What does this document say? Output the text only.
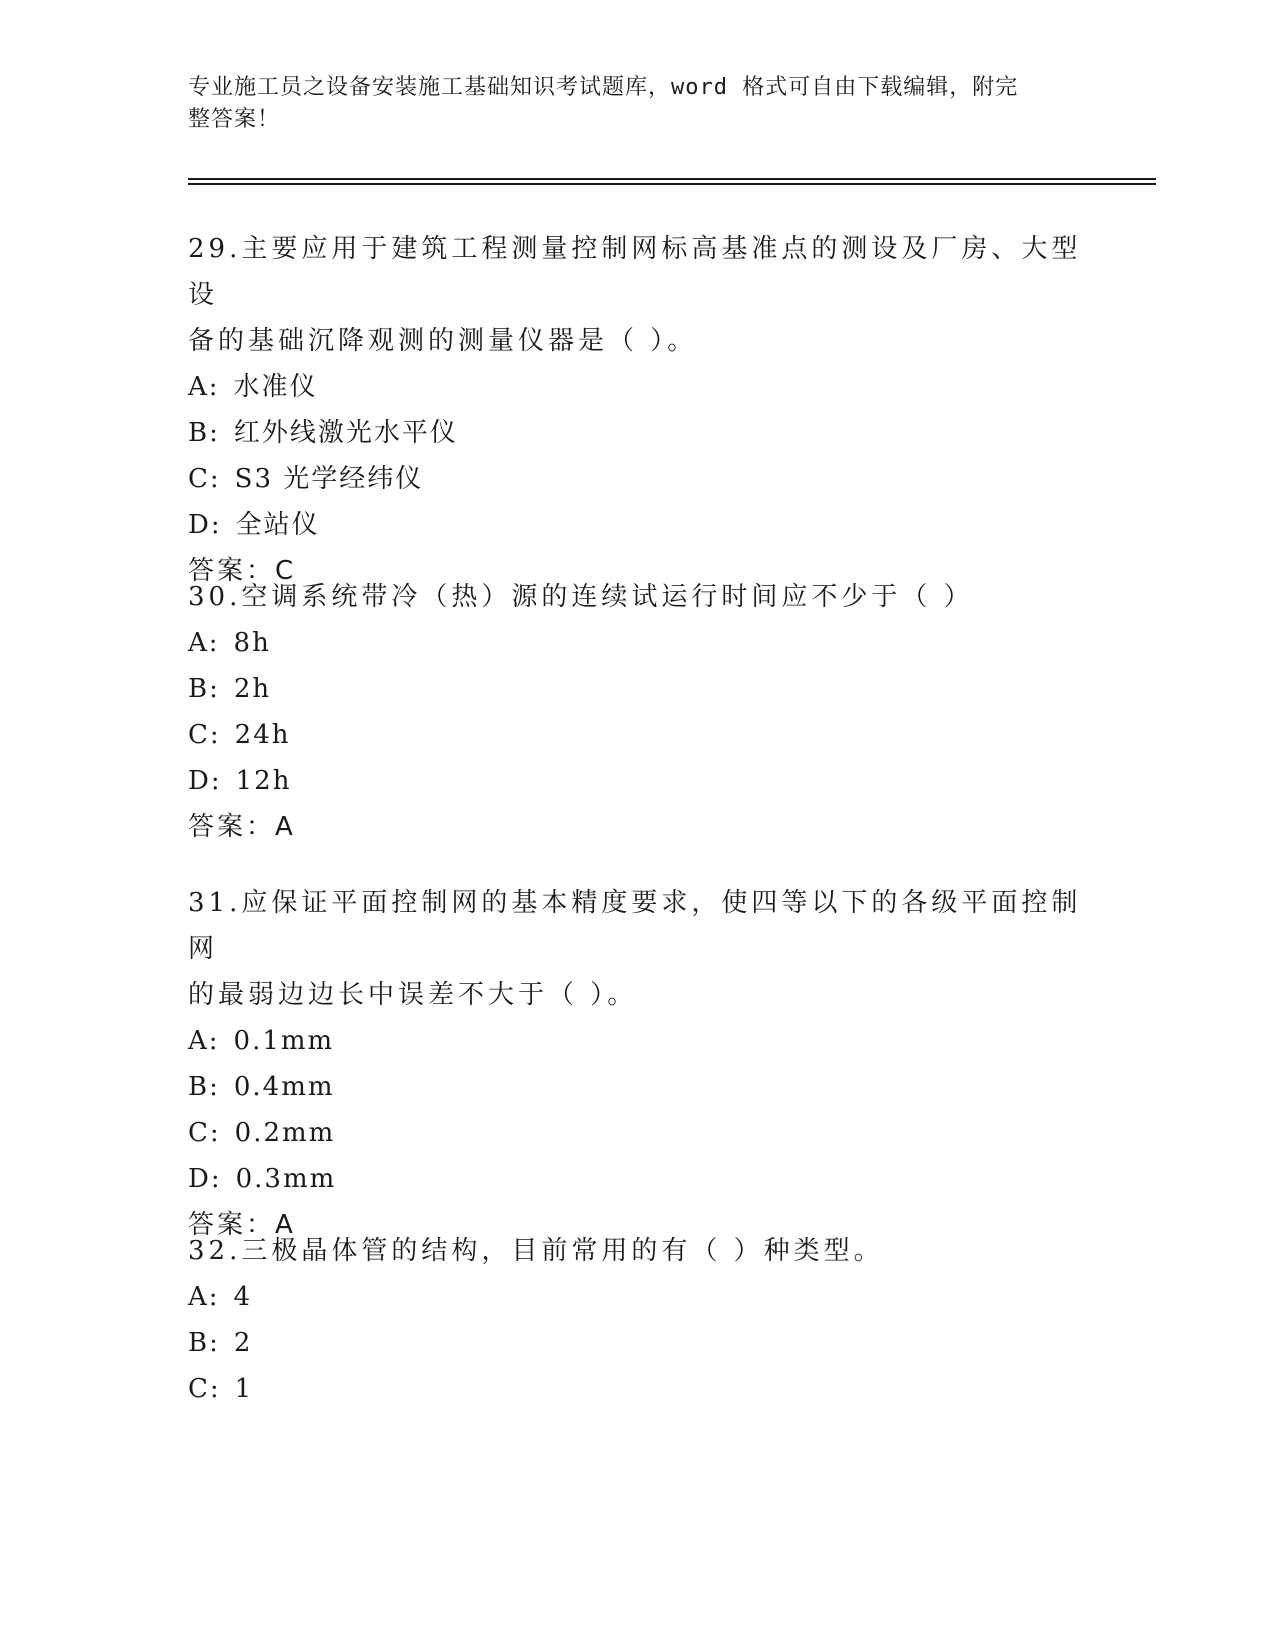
专业施工员之设备安装施工基础知识考试题库，word 格式可自由下载编辑，附完
整答案！

29.主要应用于建筑工程测量控制网标高基准点的测设及厂房、大型设

备的基础沉降观测的测量仪器是（ ）。

A: 水准仪

B: 红外线激光水平仪

C: S3 光学经纬仪

D: 全站仪

答案：C

30.空调系统带冷（热）源的连续试运行时间应不少于（ ）

A: 8h

B: 2h

C: 24h

D: 12h

答案：A

31.应保证平面控制网的基本精度要求，使四等以下的各级平面控制网

的最弱边边长中误差不大于（ ）。

A: 0.1mm

B: 0.4mm

C: 0.2mm

D: 0.3mm

答案：A

32.三极晶体管的结构，目前常用的有（ ）种类型。

A: 4

B: 2

C: 1
